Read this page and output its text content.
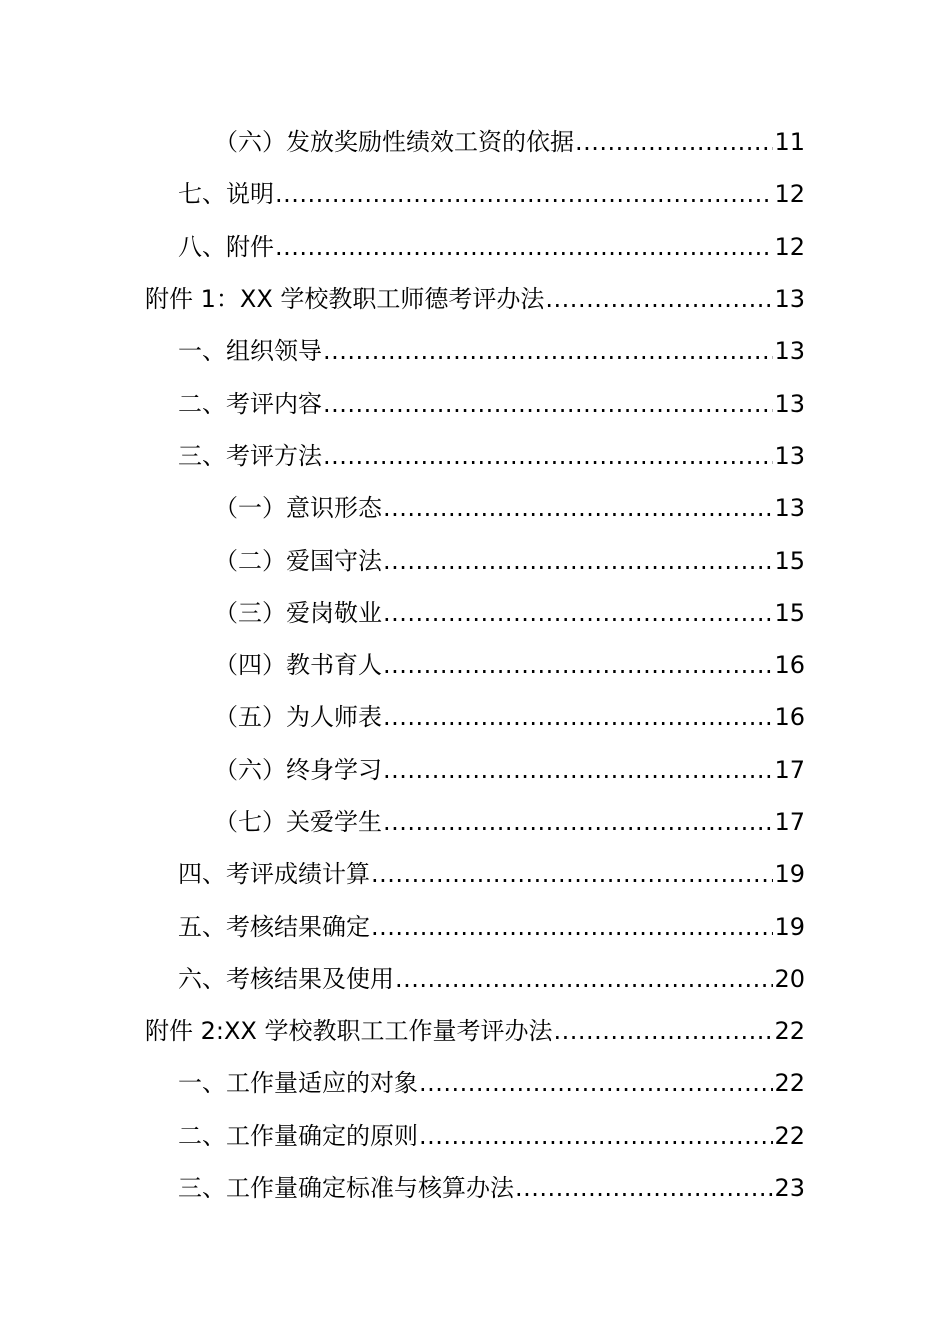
（六）发放奖励性绩效工资的依据 .....	11
七、说明 .....	12
八、附件 .....	12
附件 1：XX 学校教职工师德考评办法 .....	13
一、组织领导 .....	13
二、考评内容 .....	13
三、考评方法 .....	13
（一）意识形态 .....	13
（二）爱国守法 .....	15
（三）爱岗敬业 .....	15
（四）教书育人 .....	16
（五）为人师表 .....	16
（六）终身学习 .....	17
（七）关爱学生 .....	17
四、考评成绩计算 .....	19
五、考核结果确定 .....	19
六、考核结果及使用 .....	20
附件 2:XX 学校教职工工作量考评办法 .....	22
一、工作量适应的对象 .....	22
二、工作量确定的原则 .....	22
三、工作量确定标准与核算办法 .....	23
